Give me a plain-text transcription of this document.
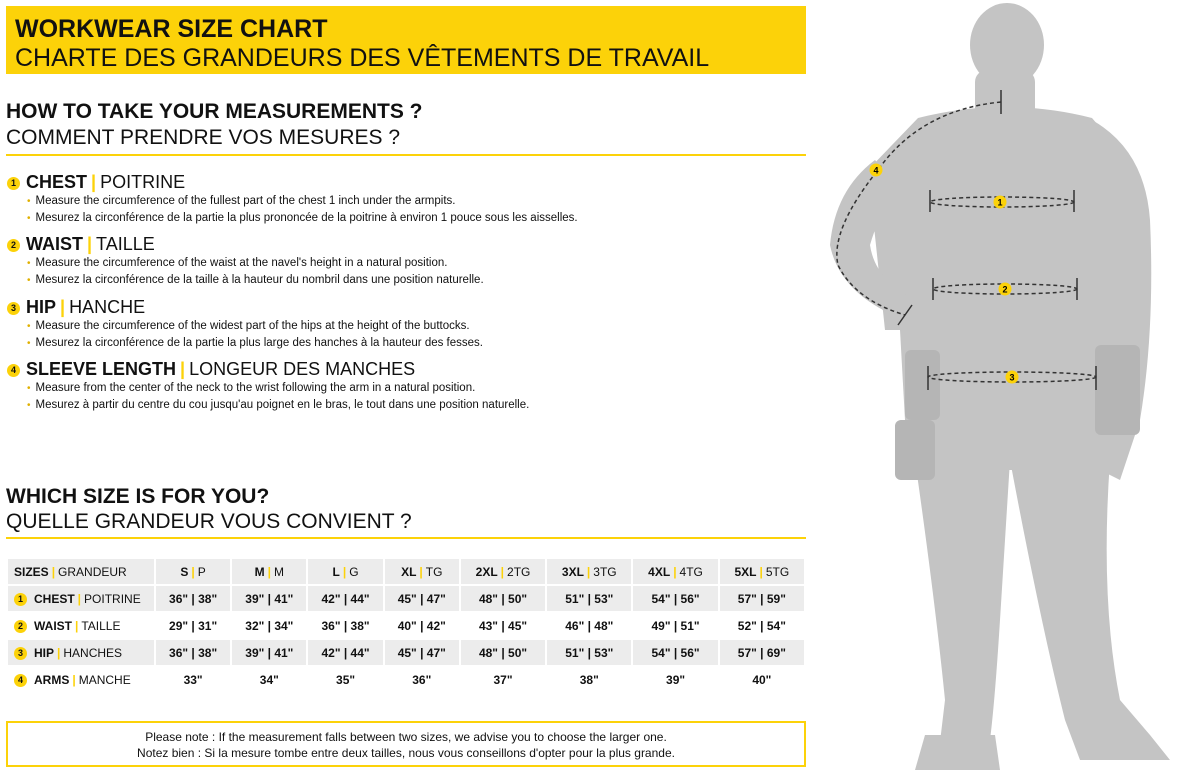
WORKWEAR SIZE CHART
CHARTE DES GRANDEURS DES VÊTEMENTS DE TRAVAIL
HOW TO TAKE YOUR MEASUREMENTS ?
COMMENT PRENDRE VOS MESURES ?
1 CHEST | POITRINE
• Measure the circumference of the fullest part of the chest 1 inch under the armpits.
• Mesurez la circonférence de la partie la plus prononcée de la poitrine à environ 1 pouce sous les aisselles.
2 WAIST | TAILLE
• Measure the circumference of the waist at the navel's height in a natural position.
• Mesurez la circonférence de la taille à la hauteur du nombril dans une position naturelle.
3 HIP | HANCHE
• Measure the circumference of the widest part of the hips at the height of the buttocks.
• Mesurez la circonférence de la partie la plus large des hanches à la hauteur des fesses.
4 SLEEVE LENGTH | LONGEUR DES MANCHES
• Measure from the center of the neck to the wrist following the arm in a natural position.
• Mesurez à partir du centre du cou jusqu'au poignet en le bras, le tout dans une position naturelle.
WHICH SIZE IS FOR YOU?
QUELLE GRANDEUR VOUS CONVIENT ?
SIZES | GRANDEUR	S | P	M | M	L | G	XL | TG	2XL | 2TG	3XL | 3TG	4XL | 4TG	5XL | 5TG
1 CHEST | POITRINE	36" | 38"	39" | 41"	42" | 44"	45" | 47"	48" | 50"	51" | 53"	54" | 56"	57" | 59"
2 WAIST | TAILLE	29" | 31"	32" | 34"	36" | 38"	40" | 42"	43" | 45"	46" | 48"	49" | 51"	52" | 54"
3 HIP | HANCHES	36" | 38"	39" | 41"	42" | 44"	45" | 47"	48" | 50"	51" | 53"	54" | 56"	57" | 69"
4 ARMS | MANCHE	33"	34"	35"	36"	37"	38"	39"	40"
Please note : If the measurement falls between two sizes, we advise you to choose the larger one.
Notez bien : Si la mesure tombe entre deux tailles, nous vous conseillons d'opter pour la plus grande.
1
2
3
4
